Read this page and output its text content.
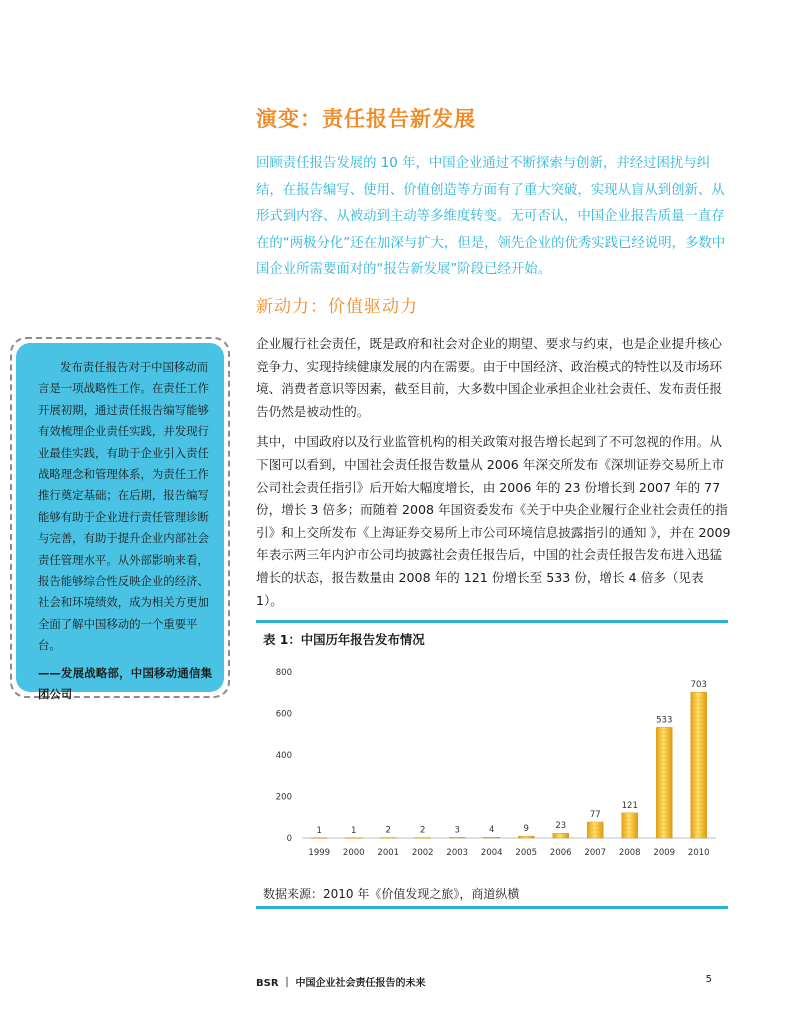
演变：责任报告新发展

回顾责任报告发展的 10 年，中国企业通过不断探索与创新，并经过困扰与纠结，在报告编写、使用、价值创造等方面有了重大突破，实现从盲从到创新、从形式到内容、从被动到主动等多维度转变。无可否认，中国企业报告质量一直存在的“两极分化”还在加深与扩大，但是，领先企业的优秀实践已经说明，多数中国企业所需要面对的“报告新发展”阶段已经开始。

新动力：价值驱动力

企业履行社会责任，既是政府和社会对企业的期望、要求与约束，也是企业提升核心竞争力、实现持续健康发展的内在需要。由于中国经济、政治模式的特性以及市场环境、消费者意识等因素，截至目前，大多数中国企业承担企业社会责任、发布责任报告仍然是被动性的。

其中，中国政府以及行业监管机构的相关政策对报告增长起到了不可忽视的作用。从下图可以看到，中国社会责任报告数量从 2006 年深交所发布《深圳证券交易所上市公司社会责任指引》后开始大幅度增长，由 2006 年的 23 份增长到 2007 年的 77 份，增长 3 倍多；而随着 2008 年国资委发布《关于中央企业履行企业社会责任的指引》和上交所发布《上海证券交易所上市公司环境信息披露指引的通知 》，并在 2009 年表示两三年内沪市公司均披露社会责任报告后，中国的社会责任报告发布进入迅猛增长的状态，报告数量由 2008 年的 121 份增长至 533 份，增长 4 倍多（见表 1）。

发布责任报告对于中国移动而言是一项战略性工作。在责任工作开展初期，通过责任报告编写能够有效梳理企业责任实践，并发现行业最佳实践，有助于企业引入责任战略理念和管理体系，为责任工作推行奠定基础；在后期，报告编写能够有助于企业进行责任管理诊断与完善，有助于提升企业内部社会责任管理水平。从外部影响来看，报告能够综合性反映企业的经济、社会和环境绩效，成为相关方更加全面了解中国移动的一个重要平台。

——发展战略部，中国移动通信集团公司

表 1：中国历年报告发布情况
0
200
400
600
800
1
1999
1
2000
2
2001
2
2002
3
2003
4
2004
9
2005
23
2006
77
2007
121
2008
533
2009
703
2010
数据来源：2010 年《价值发现之旅》，商道纵横
BSR ｜ 中国企业社会责任报告的未来	5
